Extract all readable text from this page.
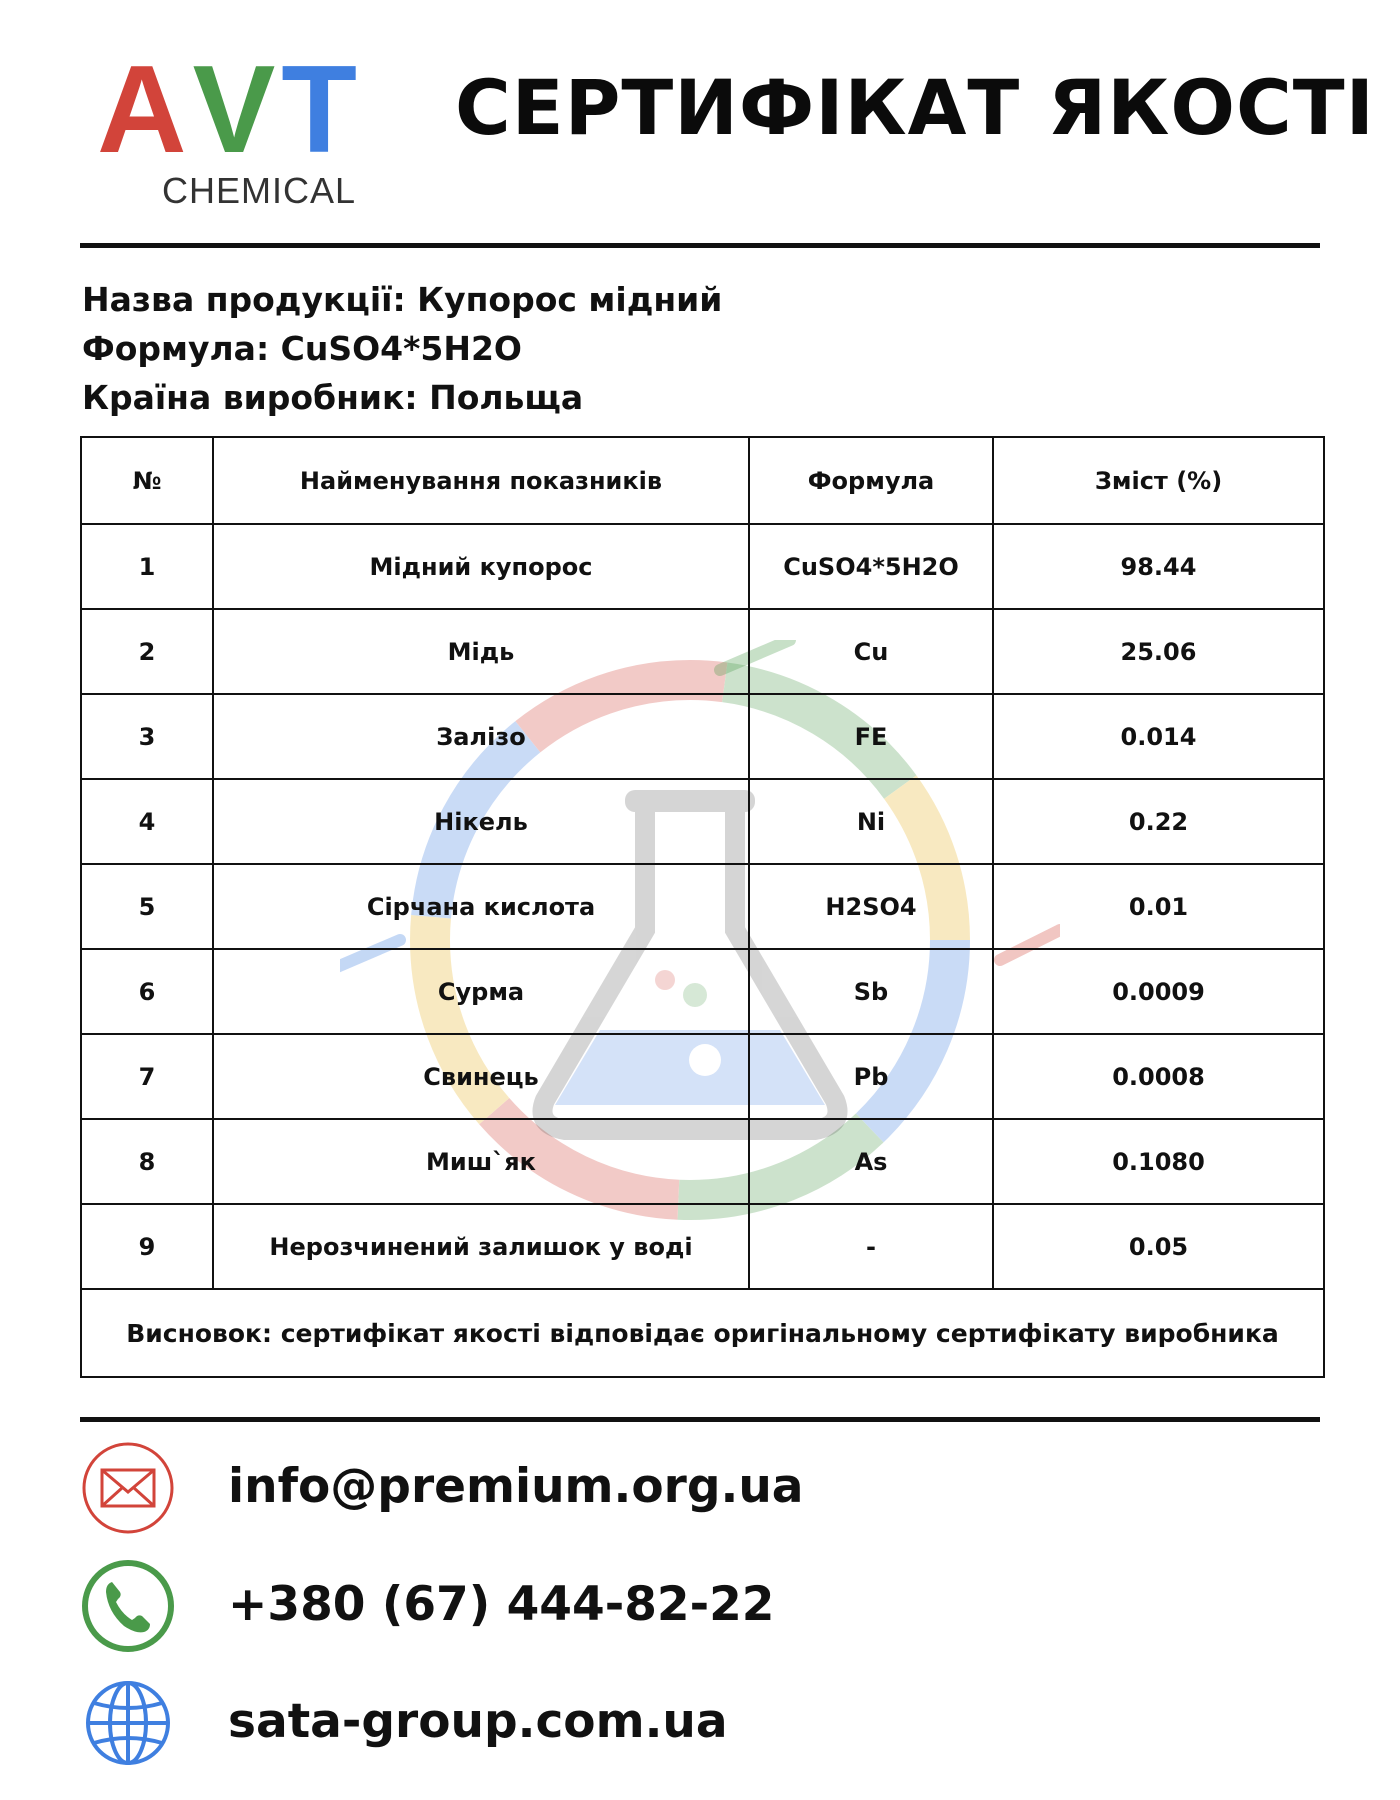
AVT
CHEMICAL
СЕРТИФІКАТ ЯКОСТІ
Назва продукції: Купорос мідний
Формула: CuSO4*5H2O
Країна виробник: Польща
№	Найменування показників	Формула	Зміст (%)
1	Мідний купорос	CuSO4*5H2O	98.44
2	Мідь	Cu	25.06
3	Залізо	FE	0.014
4	Нікель	Ni	0.22
5	Сірчана кислота	H2SO4	0.01
6	Сурма	Sb	0.0009
7	Свинець	Pb	0.0008
8	Миш`як	As	0.1080
9	Нерозчинений залишок у воді	-	0.05
Висновок: сертифікат якості відповідає оригінальному сертифікату виробника			
info@premium.org.ua
+380 (67) 444-82-22
sata-group.com.ua
